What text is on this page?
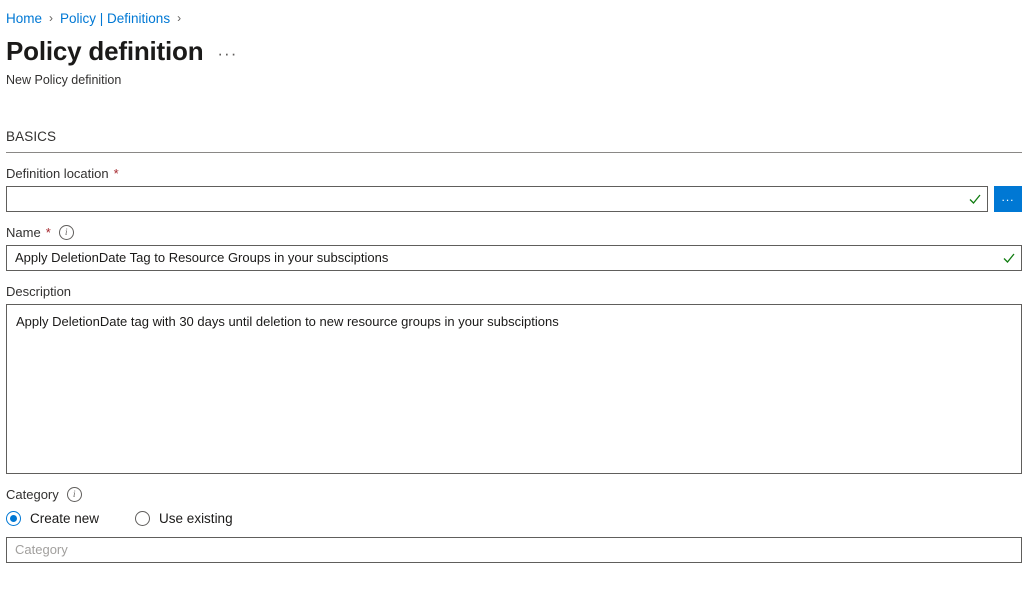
Home › Policy | Definitions ›
Policy definition ···
New Policy definition
BASICS
Definition location *
...
Name *	i
Apply DeletionDate Tag to Resource Groups in your subsciptions
Description
Apply DeletionDate tag with 30 days until deletion to new resource groups in your subsciptions
Category	i
Create new	Use existing
Category
